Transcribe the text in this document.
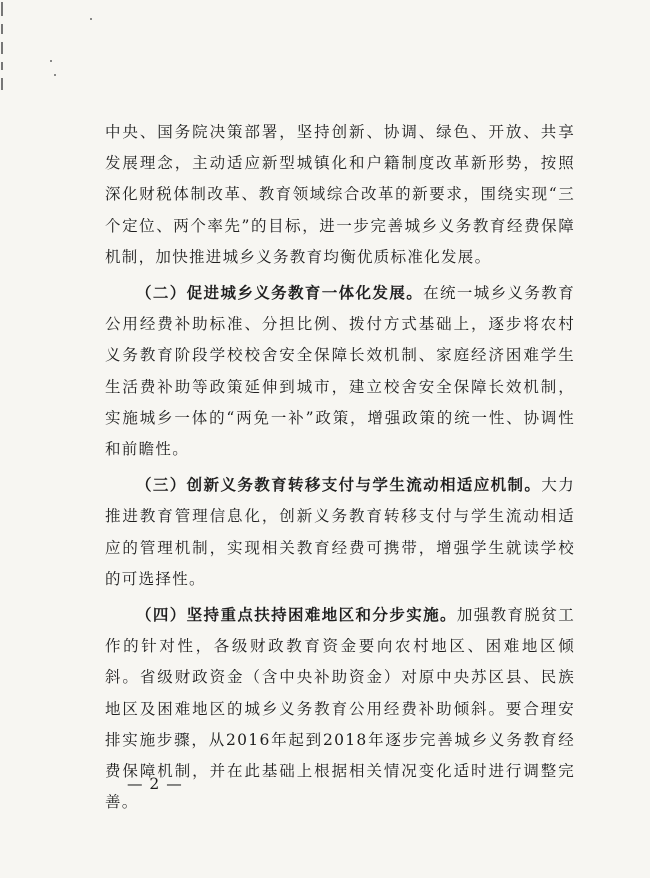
中央、国务院决策部署，坚持创新、协调、绿色、开放、共享发展理念，主动适应新型城镇化和户籍制度改革新形势，按照深化财税体制改革、教育领域综合改革的新要求，围绕实现“三个定位、两个率先”的目标，进一步完善城乡义务教育经费保障机制，加快推进城乡义务教育均衡优质标准化发展。

（二）促进城乡义务教育一体化发展。在统一城乡义务教育公用经费补助标准、分担比例、拨付方式基础上，逐步将农村义务教育阶段学校校舍安全保障长效机制、家庭经济困难学生生活费补助等政策延伸到城市，建立校舍安全保障长效机制，实施城乡一体的“两免一补”政策，增强政策的统一性、协调性和前瞻性。

（三）创新义务教育转移支付与学生流动相适应机制。大力推进教育管理信息化，创新义务教育转移支付与学生流动相适应的管理机制，实现相关教育经费可携带，增强学生就读学校的可选择性。

（四）坚持重点扶持困难地区和分步实施。加强教育脱贫工作的针对性，各级财政教育资金要向农村地区、困难地区倾斜。省级财政资金（含中央补助资金）对原中央苏区县、民族地区及困难地区的城乡义务教育公用经费补助倾斜。要合理安排实施步骤，从2016年起到2018年逐步完善城乡义务教育经费保障机制，并在此基础上根据相关情况变化适时进行调整完善。

— 2 —
